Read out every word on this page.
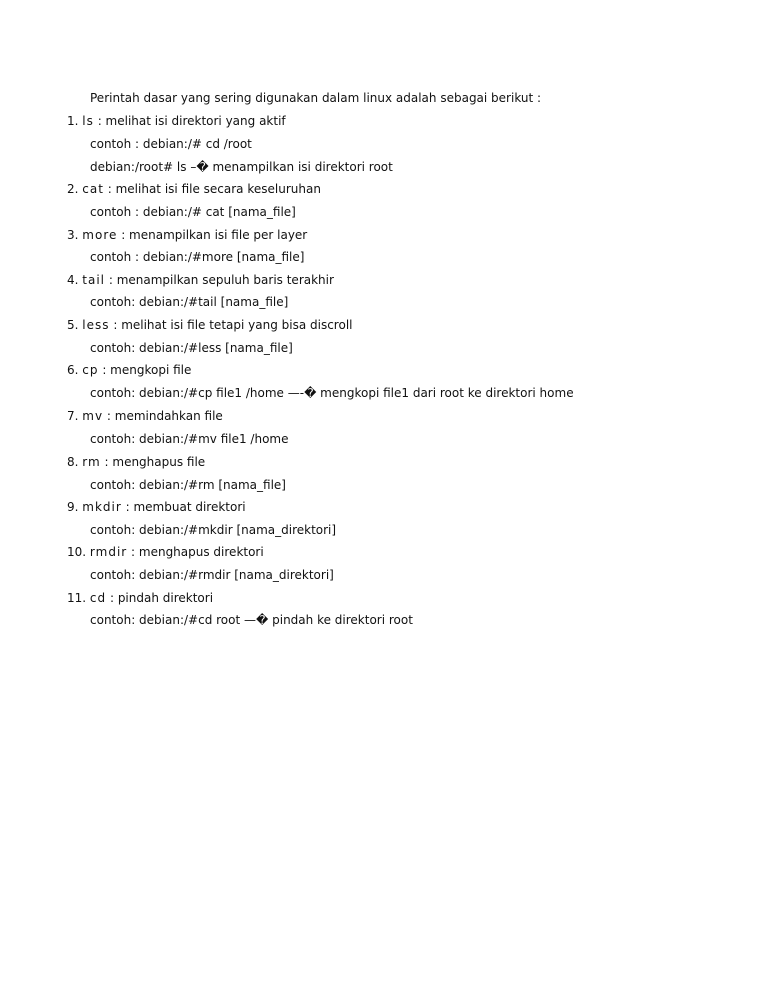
Perintah dasar yang sering digunakan dalam linux adalah sebagai berikut :
1. ls : melihat isi direktori yang aktif
contoh : debian:/# cd /root
debian:/root# ls –� menampilkan isi direktori root
2. cat : melihat isi file secara keseluruhan
contoh : debian:/# cat [nama_file]
3. more : menampilkan isi file per layer
contoh : debian:/#more [nama_file]
4. tail : menampilkan sepuluh baris terakhir
contoh: debian:/#tail [nama_file]
5. less : melihat isi file tetapi yang bisa discroll
contoh: debian:/#less [nama_file]
6. cp : mengkopi file
contoh: debian:/#cp file1 /home —-� mengkopi file1 dari root ke direktori home
7. mv : memindahkan file
contoh: debian:/#mv file1 /home
8. rm : menghapus file
contoh: debian:/#rm [nama_file]
9. mkdir : membuat direktori
contoh: debian:/#mkdir [nama_direktori]
10. rmdir : menghapus direktori
contoh: debian:/#rmdir [nama_direktori]
11. cd : pindah direktori
contoh: debian:/#cd root —� pindah ke direktori root
